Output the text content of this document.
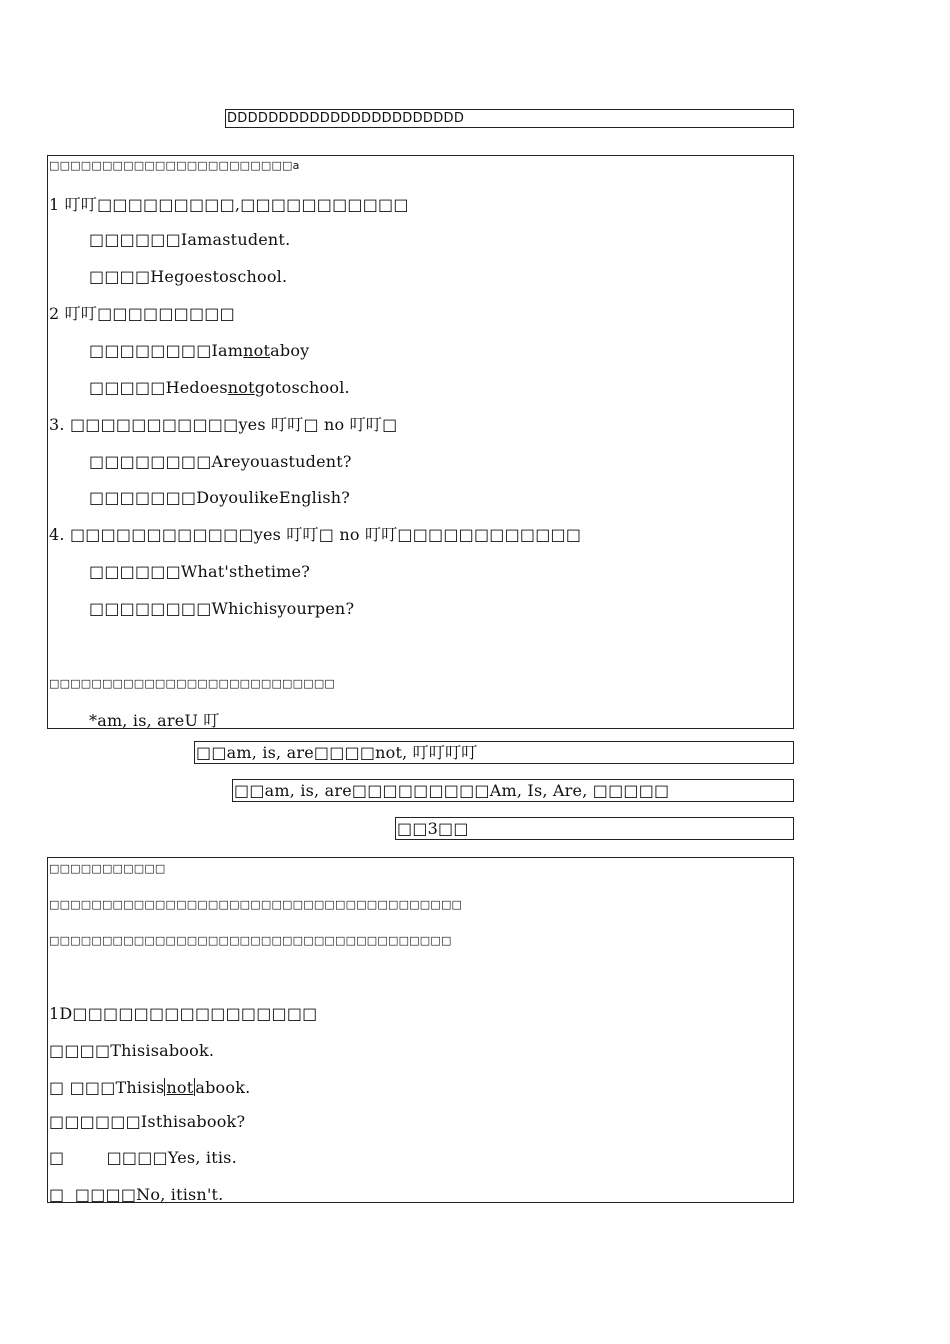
DDDDDDDDDDDDDDDDDDDDDDD
□□□□□□□□□□□□□□□□□□□□□□□a
1 叮叮□□□□□□□□□,□□□□□□□□□□□
□□□□□□Iamastudent.
□□□□Hegoestoschool.
2 叮叮□□□□□□□□□
□□□□□□□□Iamnotaboy
□□□□□Hedoesnotgotoschool.
3. □□□□□□□□□□□yes 叮叮□ no 叮叮□
□□□□□□□□Areyouastudent?
□□□□□□□DoyoulikeEnglish?
4. □□□□□□□□□□□□yes 叮叮□ no 叮叮□□□□□□□□□□□□
□□□□□□What'sthetime?
□□□□□□□□Whichisyourpen?
□□□□□□□□□□□□□□□□□□□□□□□□□□□
*am, is, areU 叮
□□am, is, are□□□□not, 叮叮叮叮
□□am, is, are□□□□□□□□□Am, Is, Are, □□□□□
□□3□□
□□□□□□□□□□□
□□□□□□□□□□□□□□□□□□□□□□□□□□□□□□□□□□□□□□□
□□□□□□□□□□□□□□□□□□□□□□□□□□□□□□□□□□□□□□
1D□□□□□□□□□□□□□□□□
□□□□Thisisabook.
□ □□□Thisis not abook.
□□□□□□Isthisabook?
□        □□□□Yes, itis.
□  □□□□No, itisn't.
